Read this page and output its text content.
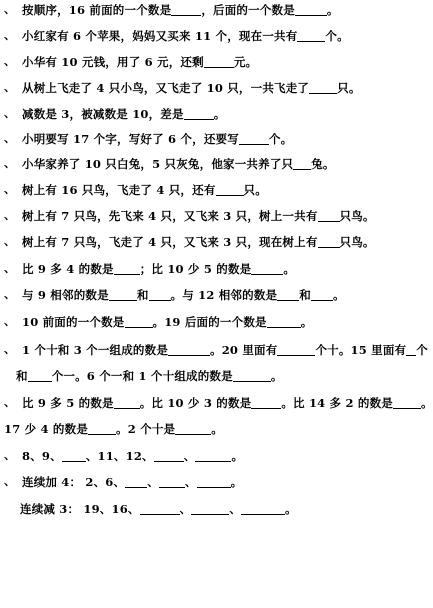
、 按顺序，16 前面的一个数是	，后面的一个数是	。
、 小红家有 6 个苹果，妈妈又买来 11 个，现在一共有 个。
、 小华有 10 元钱，用了 6 元，还剩	元。
、 从树上飞走了 4 只小鸟，又飞走了 10 只，一共飞走了 只。
、 减数是 3，被减数是 10，差是	。
、 小明要写 17 个字，写好了 6 个，还要写	个。
、 小华家养了 10 只白兔，5 只灰兔，他家一共养了只 兔。
、 树上有 16 只鸟，飞走了 4 只，还有 只。
、 树上有 7 只鸟，先飞来 4 只，又飞来 3 只，树上一共有 只鸟。
、 树上有 7 只鸟，飞走了 4 只，又飞来 3 只，现在树上有 只鸟。
、 比 9 多 4 的数是 ；比 10 少 5 的数是	。
、 与 9 相邻的数是 和 。与 12 相邻的数是 和 。
、 10 前面的一个数是 。19 后面的一个数是	。
、 1 个十和 3 个一组成的数是	。20 里面有	个十。15 里面有 个
和 个一。6 个一和 1 个十组成的数是	。
、 比 9 多 5 的数是 。比 10 少 3 的数是	。比 14 多 2 的数是 。
17 少 4 的数是 。2 个十是	。
、 8、9、 、11、12、	、	。
、 连续加 4： 2、6、 、 、	。
连续减 3： 19、16、	、	、	。
